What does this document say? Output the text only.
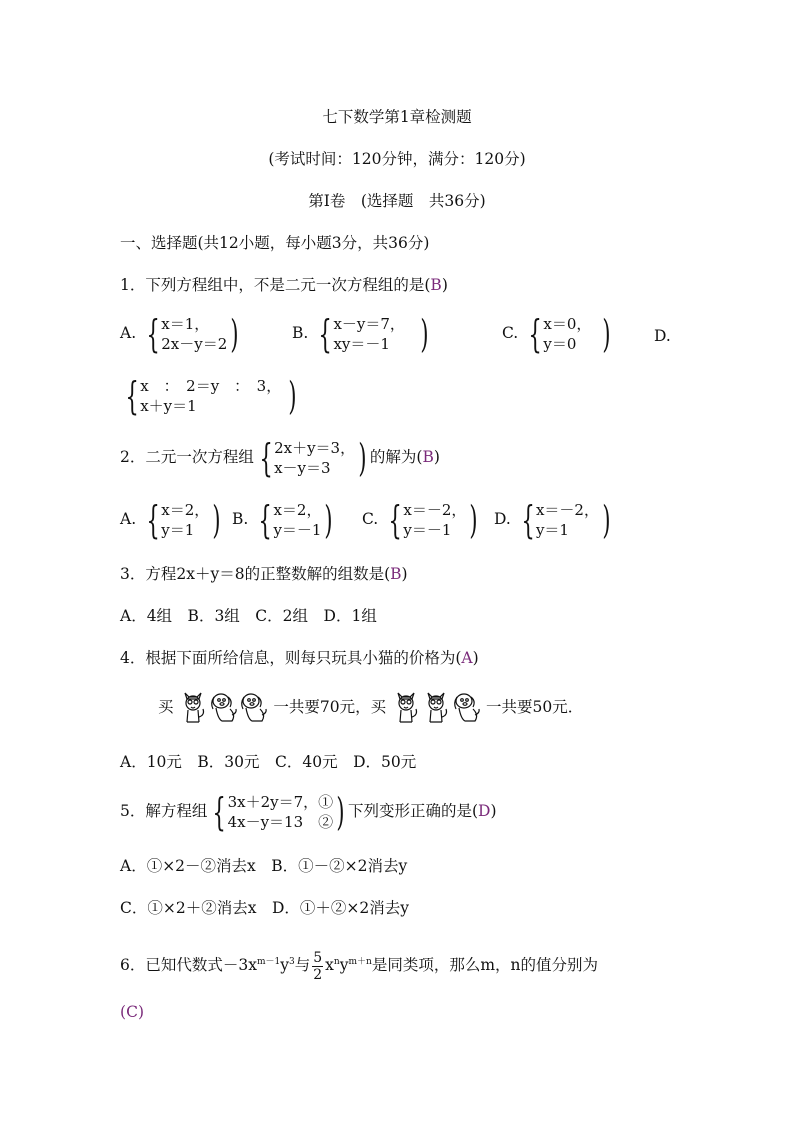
七下数学第1章检测题
(考试时间：120分钟，满分：120分)
第Ⅰ卷　(选择题　共36分)
一、选择题(共12小题，每小题3分，共36分)
1．下列方程组中，不是二元一次方程组的是(B)
A. { x＝1，
2x－y＝2 )	B. { x－y＝7，
xy＝－1 )	C. { x＝0，
y＝0 )	D.
{ x　：　2＝y　：　3，
x＋y＝1	)
2．二元一次方程组 { 2x＋y＝3，
x－y＝3 ) 的解为(B)
A. { x＝2，
y＝1 ) B. { x＝2，
y＝－1 ) C. { x＝－2，
y＝－1 ) D. { x＝－2，
y＝1 )
3．方程2x＋y＝8的正整数解的组数是(B)
A．4组　B．3组　C．2组　D．1组
4．根据下面所给信息，则每只玩具小猫的价格为(A)
买	一共要70元，买	一共要50元．
A．10元　B．30元　C．40元　D．50元
5．解方程组 { 3x＋2y＝7，①
4x－y＝13　② ) 下列变形正确的是(D)
A．①×2－②消去x　B．①－②×2消去y
C．①×2＋②消去x　D．①＋②×2消去y
6．已知代数式$-3x^{m-1}y^3$与 $\frac{5}{2} x^ny^{m+n}$是同类项，那么m，n的值分别为
(C)
